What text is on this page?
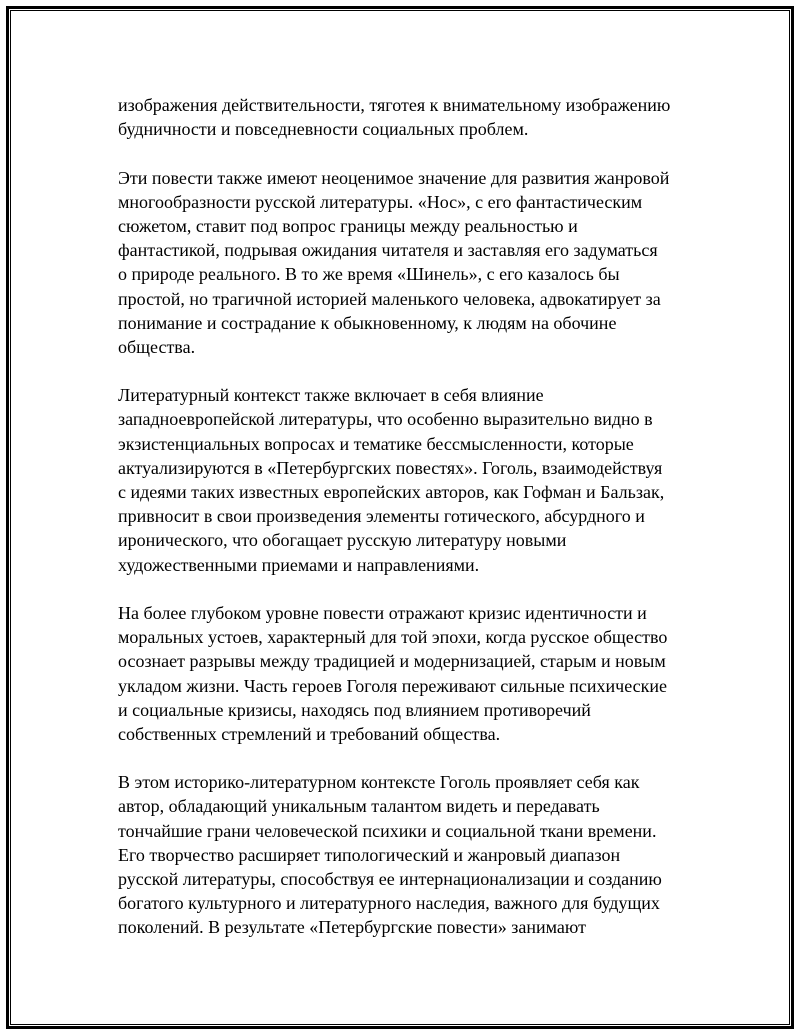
изображения действительности, тяготея к внимательному изображению
будничности и повседневности социальных проблем.
Эти повести также имеют неоценимое значение для развития жанровой
многообразности русской литературы. «Нос», с его фантастическим
сюжетом, ставит под вопрос границы между реальностью и
фантастикой, подрывая ожидания читателя и заставляя его задуматься
о природе реального. В то же время «Шинель», с его казалось бы
простой, но трагичной историей маленького человека, адвокатирует за
понимание и сострадание к обыкновенному, к людям на обочине
общества.
Литературный контекст также включает в себя влияние
западноевропейской литературы, что особенно выразительно видно в
экзистенциальных вопросах и тематике бессмысленности, которые
актуализируются в «Петербургских повестях». Гоголь, взаимодействуя
с идеями таких известных европейских авторов, как Гофман и Бальзак,
привносит в свои произведения элементы готического, абсурдного и
иронического, что обогащает русскую литературу новыми
художественными приемами и направлениями.
На более глубоком уровне повести отражают кризис идентичности и
моральных устоев, характерный для той эпохи, когда русское общество
осознает разрывы между традицией и модернизацией, старым и новым
укладом жизни. Часть героев Гоголя переживают сильные психические
и социальные кризисы, находясь под влиянием противоречий
собственных стремлений и требований общества.
В этом историко-литературном контексте Гоголь проявляет себя как
автор, обладающий уникальным талантом видеть и передавать
тончайшие грани человеческой психики и социальной ткани времени.
Его творчество расширяет типологический и жанровый диапазон
русской литературы, способствуя ее интернационализации и созданию
богатого культурного и литературного наследия, важного для будущих
поколений. В результате «Петербургские повести» занимают
